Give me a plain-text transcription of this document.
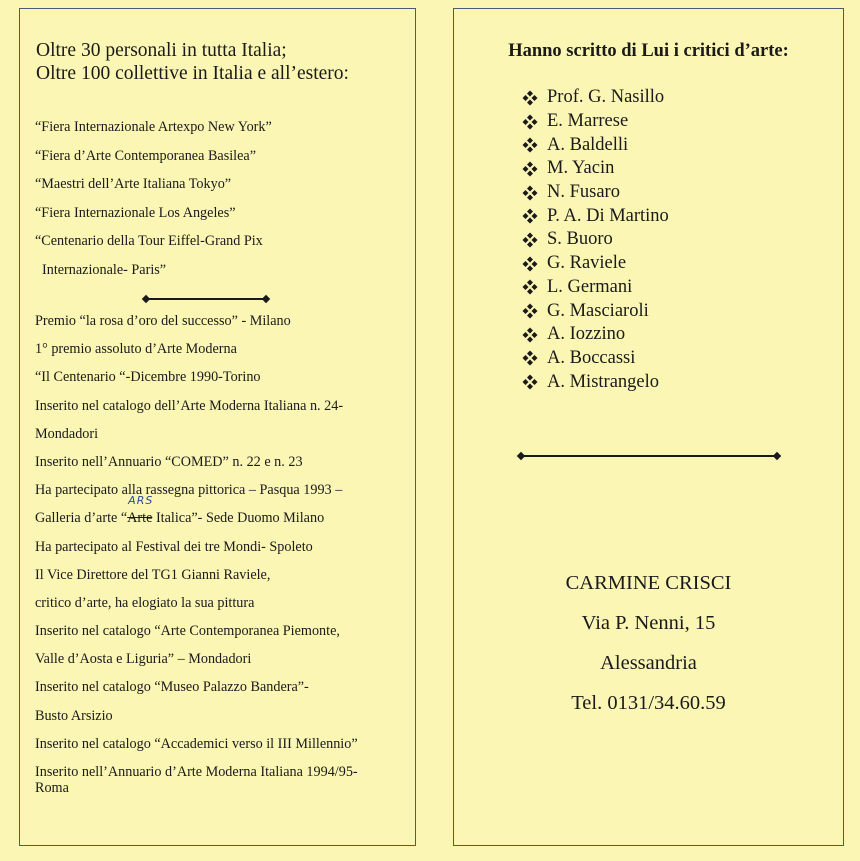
Oltre 30 personali in tutta Italia;
Oltre 100 collettive in Italia e all’estero:
“Fiera Internazionale Artexpo New York”
“Fiera d’Arte Contemporanea Basilea”
“Maestri dell’Arte Italiana Tokyo”
“Fiera Internazionale Los Angeles”
“Centenario della Tour Eiffel-Grand Pix
Internazionale- Paris”
Premio “la rosa d’oro del successo” - Milano
1° premio assoluto d’Arte Moderna
“Il Centenario “-Dicembre 1990-Torino
Inserito nel catalogo dell’Arte Moderna Italiana n. 24-
Mondadori
Inserito nell’Annuario “COMED” n. 22 e n. 23
Ha partecipato alla rassegna pittorica – Pasqua 1993 –
Galleria d’arte “Arte
ARS
Italica”- Sede Duomo Milano
Ha partecipato al Festival dei tre Mondi- Spoleto
Il Vice Direttore del TG1 Gianni Raviele,
critico d’arte, ha elogiato la sua pittura
Inserito nel catalogo “Arte Contemporanea Piemonte,
Valle d’Aosta e Liguria” – Mondadori
Inserito nel catalogo “Museo Palazzo Bandera”-
Busto Arsizio
Inserito nel catalogo “Accademici verso il III Millennio”
Inserito nell’Annuario d’Arte Moderna Italiana 1994/95-
Roma
Hanno scritto di Lui i critici d’arte:
Prof. G. Nasillo
E. Marrese
A. Baldelli
M. Yacin
N. Fusaro
P. A. Di Martino
S. Buoro
G. Raviele
L. Germani
G. Masciaroli
A. Iozzino
A. Boccassi
A. Mistrangelo
CARMINE CRISCI
Via P. Nenni, 15
Alessandria
Tel. 0131/34.60.59
